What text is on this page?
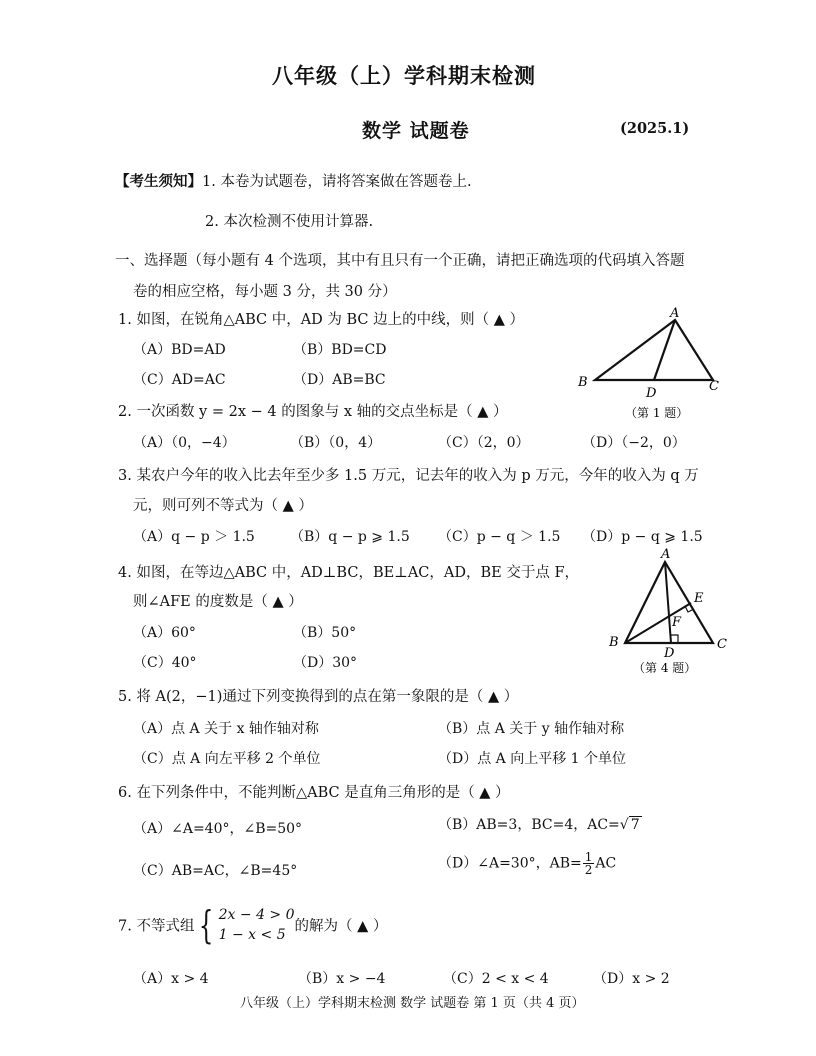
八年级（上）学科期末检测
数学 试题卷	(2025.1)
【考生须知】1. 本卷为试题卷，请将答案做在答题卷上.
2. 本次检测不使用计算器.
一、选择题（每小题有 4 个选项，其中有且只有一个正确，请把正确选项的代码填入答题
卷的相应空格，每小题 3 分，共 30 分）
1. 如图，在锐角△ABC 中，AD 为 BC 边上的中线，则（ ▲ ）
（A）BD=AD	（B）BD=CD
（C）AD=AC	（D）AB=BC
A
B	C
D
（第 1 题）
2. 一次函数 y = 2x − 4 的图象与 x 轴的交点坐标是（ ▲ ）
（A）（0，−4）	（B）（0，4）	（C）（2，0）	（D）（−2，0）
3. 某农户今年的收入比去年至少多 1.5 万元，记去年的收入为 p 万元，今年的收入为 q 万
元，则可列不等式为（ ▲ ）
（A）q − p ＞ 1.5	（B）q − p ⩾ 1.5 （C）p − q ＞ 1.5 （D）p − q ⩾ 1.5
4. 如图，在等边△ABC 中，AD⊥BC，BE⊥AC，AD，BE 交于点 F，
则∠AFE 的度数是（ ▲ ）
（A）60°	（B）50°
（C）40°	（D）30°
A
B	C
D
E
F
（第 4 题）
5. 将 A(2，−1)通过下列变换得到的点在第一象限的是（ ▲ ）
（A）点 A 关于 x 轴作轴对称	（B）点 A 关于 y 轴作轴对称
（C）点 A 向左平移 2 个单位	（D）点 A 向上平移 1 个单位
6. 在下列条件中，不能判断△ABC 是直角三角形的是（ ▲ ）
（A）∠A=40°，∠B=50°	（B）AB=3，BC=4，AC=√ 7
（C）AB=AC，∠B=45°	（D）∠A=30°，$AB= \frac{1}{2}$ AC
7. 不等式组 { 2x − 4 > 0
1 − x < 5
的解为（ ▲ ）
（A）x > 4	（B）x > −4	（C）2 < x < 4	（D）x > 2
八年级（上）学科期末检测 数学 试题卷 第 1 页（共 4 页）
